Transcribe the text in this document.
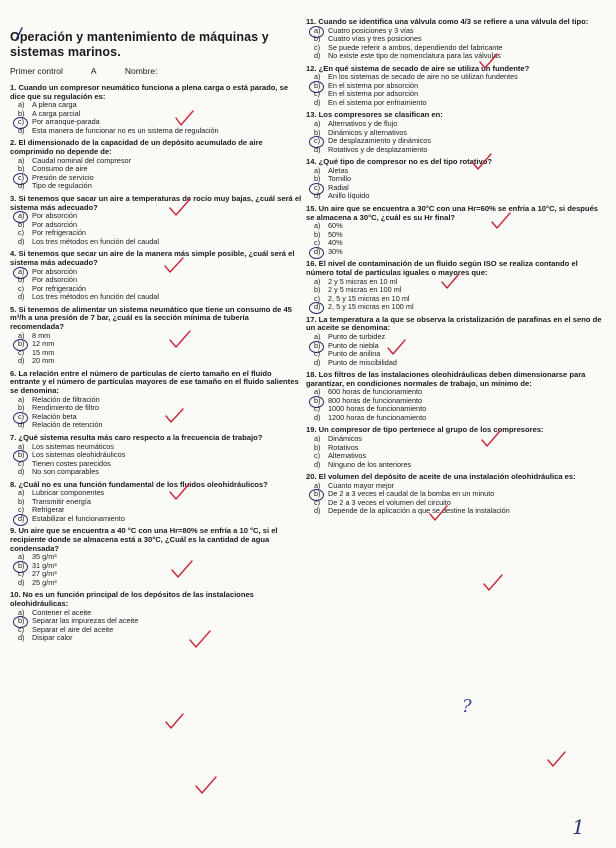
Operación y mantenimiento de máquinas y
sistemas marinos.
Primer control	A	Nombre:

1. Cuando un compresor neumático funciona a plena carga o está parado, se dice que su regulación es:

a) A plena carga
b) A carga parcial
c) Por arranque-parada
d) Esta manera de funcionar no es un sistema de regulación

2. El dimensionado de la capacidad de un depósito acumulado de aire comprimido no depende de:

a) Caudal nominal del compresor
b) Consumo de aire
c) Presión de servicio
d) Tipo de regulación

3. Si tenemos que sacar un aire a temperaturas de rocío muy bajas, ¿cuál será el sistema más adecuado?

a) Por absorción
b) Por adsorción
c) Por refrigeración
d) Los tres métodos en función del caudal

4. Si tenemos que secar un aire de la manera más simple posible, ¿cuál será el sistema más adecuado?

a) Por absorción
b) Por adsorción
c) Por refrigeración
d) Los tres métodos en función del caudal

5. Si tenemos de alimentar un sistema neumático que tiene un consumo de 45 m³/h a una presión de 7 bar, ¿cuál es la sección mínima de tubería recomendada?

a) 8 mm
b) 12 mm
c) 15 mm
d) 20 mm

6. La relación entre el número de partículas de cierto tamaño en el fluido entrante y el número de partículas mayores de ese tamaño en el fluido salientes se denomina:

a) Relación de filtración
b) Rendimiento de filtro
c) Relación beta
d) Relación de retención

7. ¿Qué sistema resulta más caro respecto a la frecuencia de trabajo?

a) Los sistemas neumáticos
b) Los sistemas oleohidráulicos
c) Tienen costes parecidos
d) No son comparables

8. ¿Cuál no es una función fundamental de los fluidos oleohidráulicos?

a) Lubricar componentes
b) Transmitir energía
c) Refrigerar
d) Estabilizar el funcionamiento

9. Un aire que se encuentra a 40 °C con una Hr=80% se enfría a 10 °C, si el recipiente donde se almacena está a 30°C, ¿Cuál es la cantidad de agua condensada?

a) 35 g/m³
b) 31 g/m³
c) 27 g/m³
d) 25 g/m³

10. No es un función principal de los depósitos de las instalaciones oleohidráulicas:

a) Contener el aceite
b) Separar las impurezas del aceite
c) Separar el aire del aceite
d) Disipar calor

11. Cuando se identifica una válvula como 4/3 se refiere a una válvula del tipo:

a) Cuatro posiciones y 3 vías
b) Cuatro vías y tres posiciones
c) Se puede referir a ambos, dependiendo del fabricante
d) No existe este tipo de nomenclatura para las válvulas

12. ¿En qué sistema de secado de aire se utiliza un fundente?

a) En los sistemas de secado de aire no se utilizan fundentes
b) En el sistema por absorción
c) En el sistema por adsorción
d) En el sistema por enfriamiento

13. Los compresores se clasifican en:

a) Alternativos y de flujo
b) Dinámicos y alternativos
c) De desplazamiento y dinámicos
d) Rotativos y de desplazamiento

14. ¿Qué tipo de compresor no es del tipo rotativo?

a) Aletas
b) Tornillo
c) Radial
d) Anillo líquido

15. Un aire que se encuentra a 30°C con una Hr=60% se enfría a 10°C, si después se almacena a 30°C, ¿cuál es su Hr final?

a) 60%
b) 50%
c) 40%
d) 30%

16. El nivel de contaminación de un fluido según ISO se realiza contando el número total de partículas iguales o mayores que:

a) 2 y 5 micras en 10 ml
b) 2 y 5 micras en 100 ml
c) 2, 5 y 15 micras en 10 ml
d) 2, 5 y 15 micras en 100 ml

17. La temperatura a la que se observa la cristalización de parafinas en el seno de un aceite se denomina:

a) Punto de turbidez
b) Punto de niebla
c) Punto de anilina
d) Punto de miscibilidad

18. Los filtros de las instalaciones oleohidráulicas deben dimensionarse para garantizar, en condiciones normales de trabajo, un mínimo de:

a) 600 horas de funcionamiento
b) 800 horas de funcionamiento
c) 1000 horas de funcionamiento
d) 1200 horas de funcionamiento

19. Un compresor de tipo pertenece al grupo de los compresores:

a) Dinámicos
b) Rotativos
c) Alternativos
d) Ninguno de los anteriores

20. El volumen del depósito de aceite de una instalación oleohidráulica es:

a) Cuanto mayor mejor
b) De 2 a 3 veces el caudal de la bomba en un minuto
c) De 2 a 3 veces el volumen del circuito
d) Depende de la aplicación a que se destine la instalación
?
1
